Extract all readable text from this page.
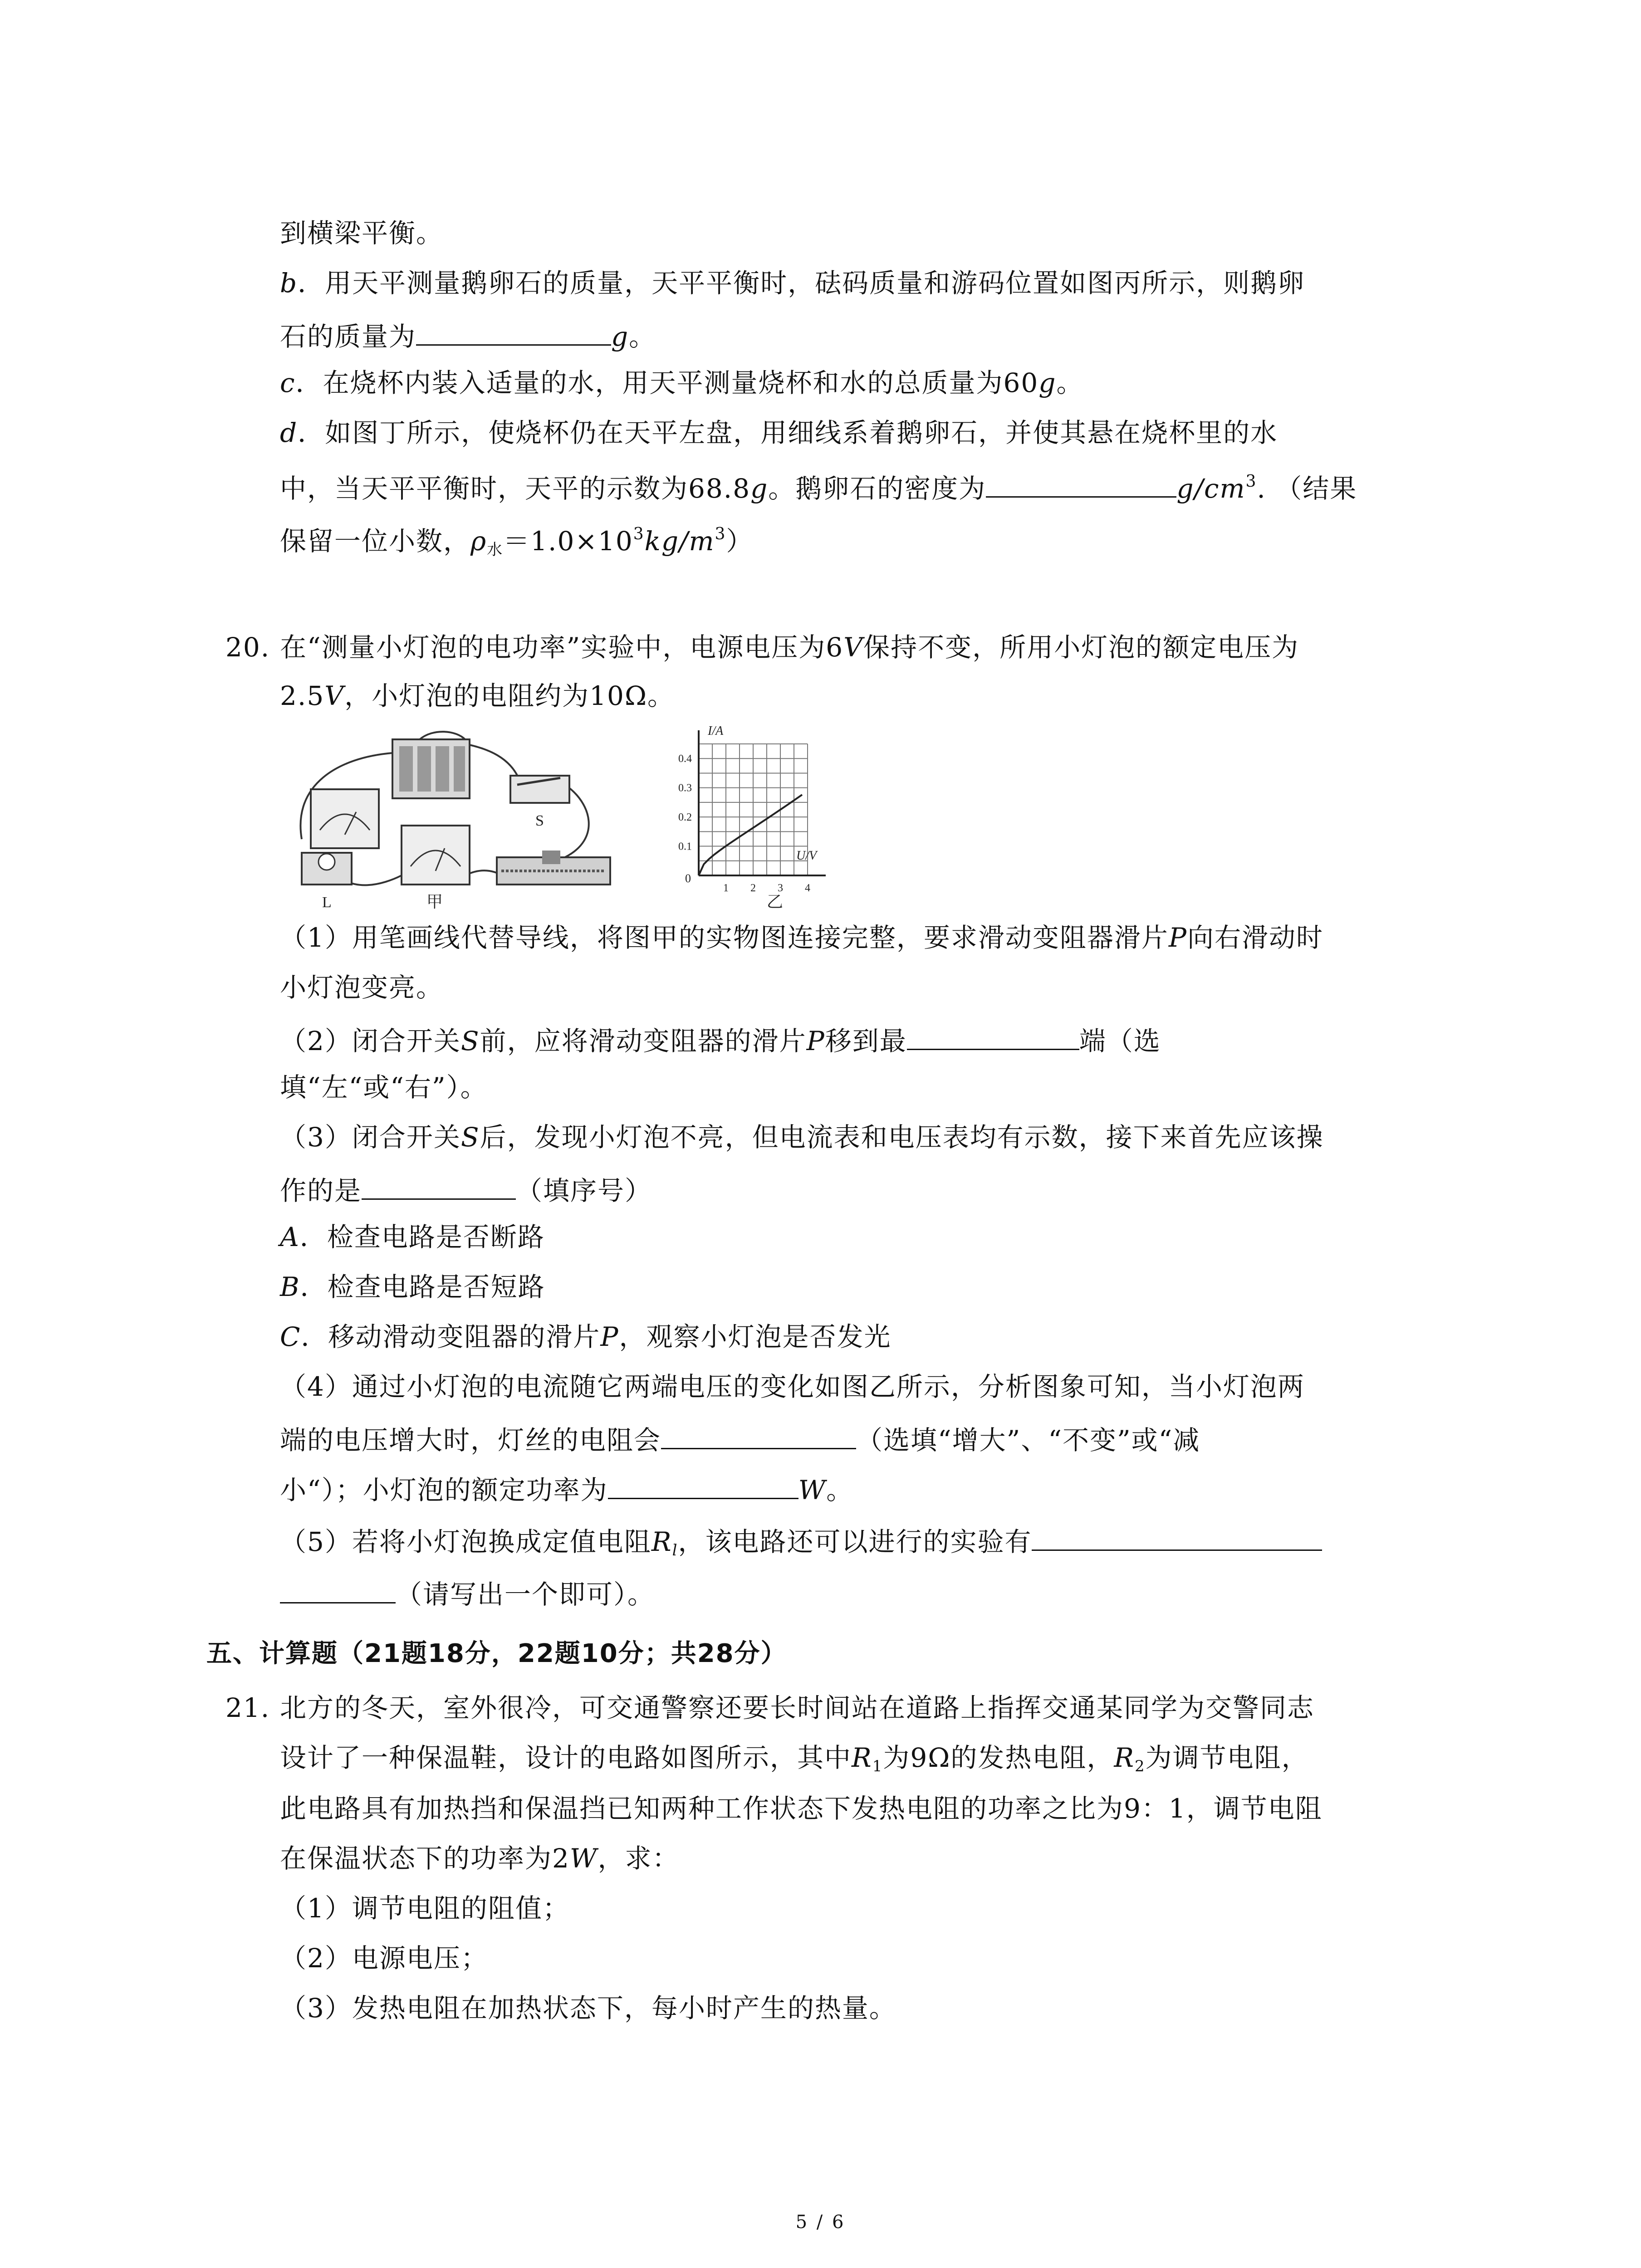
到横梁平衡。
b．用天平测量鹅卵石的质量，天平平衡时，砝码质量和游码位置如图丙所示，则鹅卵
石的质量为	g。
c．在烧杯内装入适量的水，用天平测量烧杯和水的总质量为60g。
d．如图丁所示，使烧杯仍在天平左盘，用细线系着鹅卵石，并使其悬在烧杯里的水
中，当天平平衡时，天平的示数为68.8g。鹅卵石的密度为	$g/cm^3$. （结果
保留一位小数，$\rho_水=1.0\times 10^3kg/m^3$）
20. 在“测量小灯泡的电功率”实验中，电源电压为6V保持不变，所用小灯泡的额定电压为
2.5V，小灯泡的电阻约为10Ω。
S
L	甲
I/A
U/V
0
0.4
0.3
0.2
0.1
1 2 3 4
乙
（1）用笔画线代替导线，将图甲的实物图连接完整，要求滑动变阻器滑片P向右滑动时
小灯泡变亮。
（2）闭合开关S前，应将滑动变阻器的滑片P移到最	端（选
填“左“或“右”）。
（3）闭合开关S后，发现小灯泡不亮，但电流表和电压表均有示数，接下来首先应该操
作的是	（填序号）
A．检查电路是否断路
B．检查电路是否短路
C．移动滑动变阻器的滑片P，观察小灯泡是否发光
（4）通过小灯泡的电流随它两端电压的变化如图乙所示，分析图象可知，当小灯泡两
端的电压增大时，灯丝的电阻会	（选填“增大”、“不变”或“减
小“）；小灯泡的额定功率为	W。
（5）若将小灯泡换成定值电阻$R_l$，该电路还可以进行的实验有
（请写出一个即可）。
五、计算题（21题18分，22题10分；共28分）
21. 北方的冬天，室外很冷，可交通警察还要长时间站在道路上指挥交通某同学为交警同志
设计了一种保温鞋，设计的电路如图所示，其中$R_1$为9Ω的发热电阻，$R_2$为调节电阻，
此电路具有加热挡和保温挡已知两种工作状态下发热电阻的功率之比为9：1，调节电阻
在保温状态下的功率为2W，求：
（1）调节电阻的阻值；
（2）电源电压；
（3）发热电阻在加热状态下，每小时产生的热量。
5 / 6
